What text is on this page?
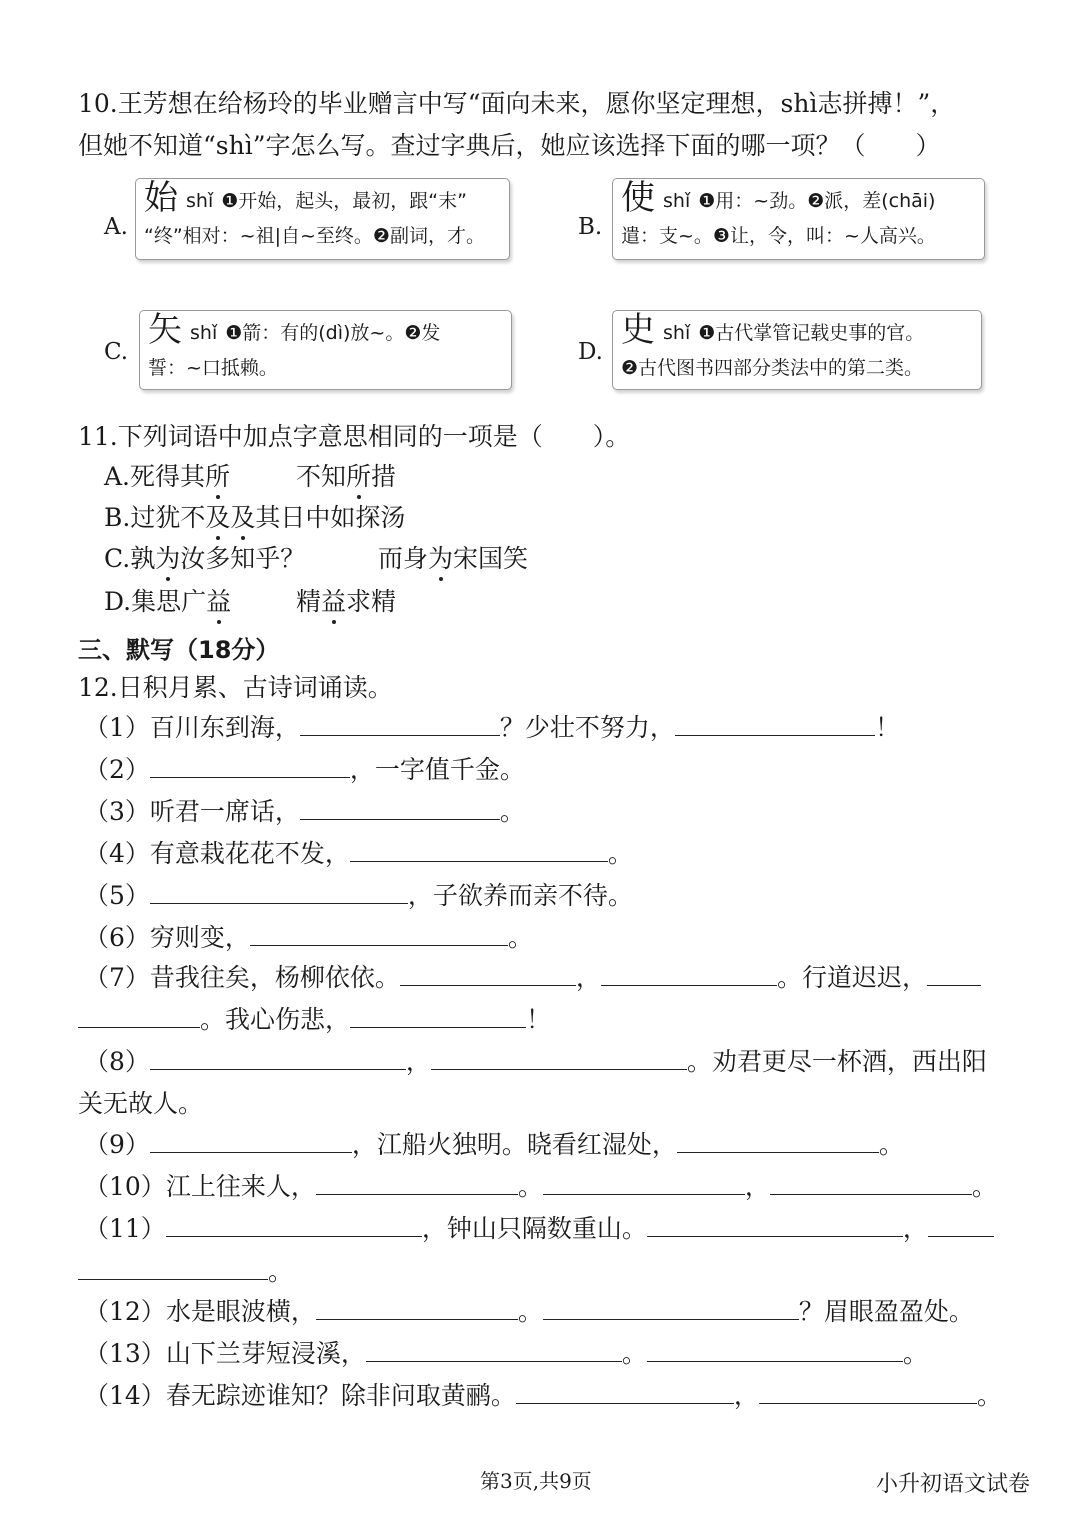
10.王芳想在给杨玲的毕业赠言中写“面向未来，愿你坚定理想，shì志拼搏！”，
但她不知道“shì”字怎么写。查过字典后，她应该选择下面的哪一项？（　　）
A.
始shǐ ❶开始，起头，最初，跟“末”
“终”相对：~祖|自~至终。❷副词，才。	B.
使shǐ ❶用：~劲。❷派，差(chāi)
遣：支~。❸让，令，叫：~人高兴。
C.
矢shǐ ❶箭：有的(dì)放~。❷发
誓：~口抵赖。
D.
史shǐ ❶古代掌管记载史事的官。
❷古代图书四部分类法中的第二类。
11.下列词语中加点字意思相同的一项是（　　）。
A.死得其所	不知所措
B.过犹不及及其日中如探汤
C.孰为汝多知乎？	而身为宋国笑
D.集思广益	精益求精
三、默写（18分）
12.日积月累、古诗词诵读。
（1）百川东到海，	？少壮不努力，	！
（2）	，一字值千金。
（3）听君一席话，	。
（4）有意栽花花不发，	。
（5）	，子欲养而亲不待。
（6）穷则变，	。
（7）昔我往矣，杨柳依依。	，	。行道迟迟，
。我心伤悲，	！
（8）	，	。劝君更尽一杯酒，西出阳
关无故人。
（9）	，江船火独明。晓看红湿处，	。
（10）江上往来人，	。	，	。
（11）	，钟山只隔数重山。	，
。
（12）水是眼波横，	。	？眉眼盈盈处。
（13）山下兰芽短浸溪，	。	。
（14）春无踪迹谁知？除非问取黄鹂。	，	。
第3页,共9页	小升初语文试卷
